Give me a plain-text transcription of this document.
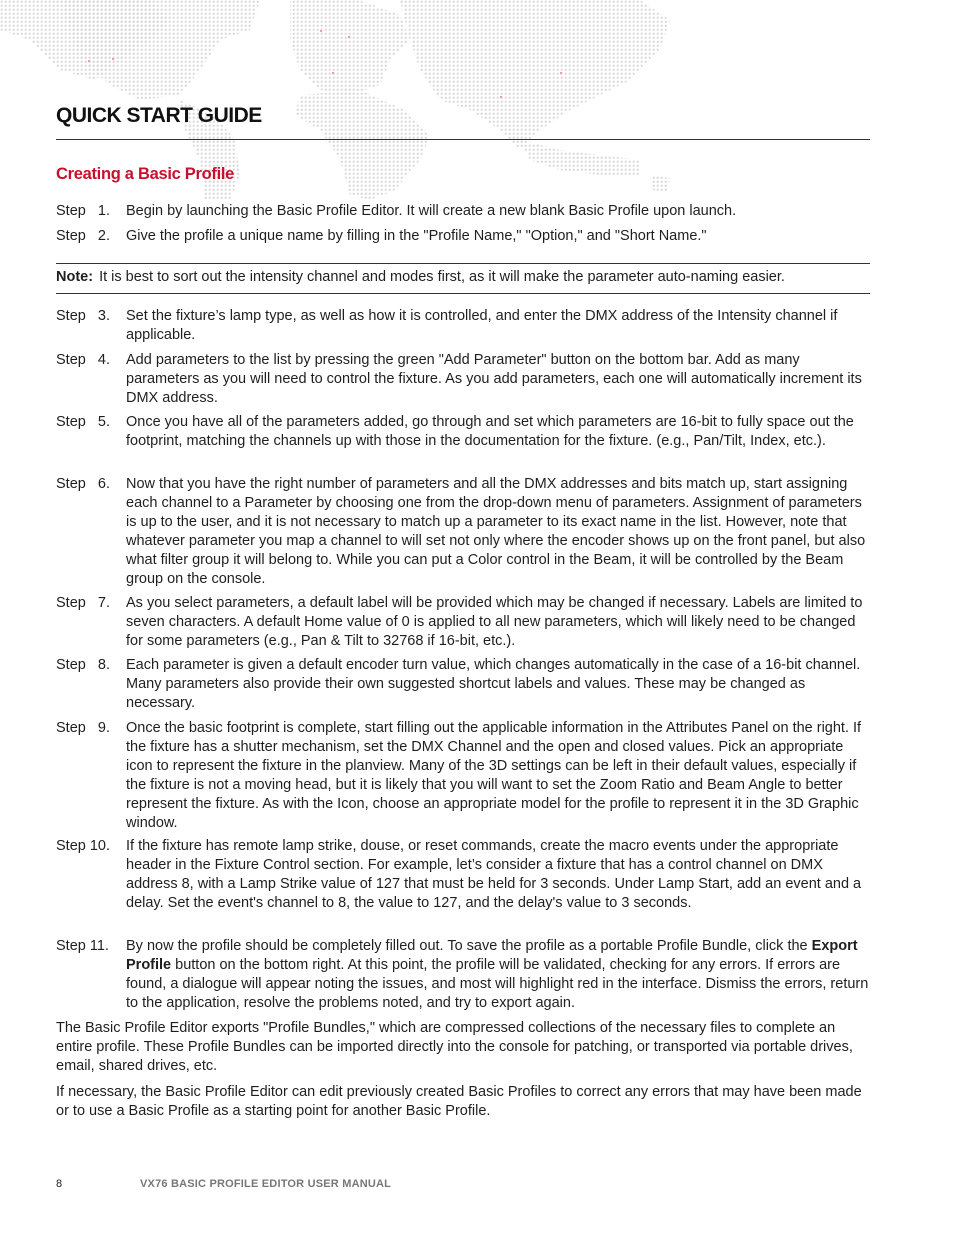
QUICK START GUIDE
Creating a Basic Profile
Step   1.	Begin by launching the Basic Profile Editor. It will create a new blank Basic Profile upon launch.
Step   2.	Give the profile a unique name by filling in the "Profile Name," "Option," and "Short Name."
Note: It is best to sort out the intensity channel and modes first, as it will make the parameter auto-naming easier.
Step   3.	Set the fixture’s lamp type, as well as how it is controlled, and enter the DMX address of the Intensity channel if applicable.
Step   4.	Add parameters to the list by pressing the green "Add Parameter" button on the bottom bar. Add as many parameters as you will need to control the fixture. As you add parameters, each one will automatically increment its DMX address.
Step   5.	Once you have all of the parameters added, go through and set which parameters are 16-bit to fully space out the footprint, matching the channels up with those in the documentation for the fixture. (e.g., Pan/Tilt, Index, etc.).
Step   6.	Now that you have the right number of parameters and all the DMX addresses and bits match up, start assigning each channel to a Parameter by choosing one from the drop-down menu of parameters. Assignment of parameters is up to the user, and it is not necessary to match up a parameter to its exact name in the list. However, note that whatever parameter you map a channel to will set not only where the encoder shows up on the front panel, but also what filter group it will belong to. While you can put a Color control in the Beam, it will be controlled by the Beam group on the console.
Step   7.	As you select parameters, a default label will be provided which may be changed if necessary. Labels are limited to seven characters. A default Home value of 0 is applied to all new parameters, which will likely need to be changed for some parameters (e.g., Pan & Tilt to 32768 if 16-bit, etc.).
Step   8.	Each parameter is given a default encoder turn value, which changes automatically in the case of a 16-bit channel. Many parameters also provide their own suggested shortcut labels and values. These may be changed as necessary.
Step   9.	Once the basic footprint is complete, start filling out the applicable information in the Attributes Panel on the right. If the fixture has a shutter mechanism, set the DMX Channel and the open and closed values. Pick an appropriate icon to represent the fixture in the planview. Many of the 3D settings can be left in their default values, especially if the fixture is not a moving head, but it is likely that you will want to set the Zoom Ratio and Beam Angle to better represent the fixture. As with the Icon, choose an appropriate model for the profile to represent it in the 3D Graphic window.
Step 10.	If the fixture has remote lamp strike, douse, or reset commands, create the macro events under the appropriate header in the Fixture Control section. For example, let’s consider a fixture that has a control channel on DMX address 8, with a Lamp Strike value of 127 that must be held for 3 seconds. Under Lamp Start, add an event and a delay. Set the event's channel to 8, the value to 127, and the delay's value to 3 seconds.
Step 11.	By now the profile should be completely filled out. To save the profile as a portable Profile Bundle, click the Export Profile button on the bottom right. At this point, the profile will be validated, checking for any errors. If errors are found, a dialogue will appear noting the issues, and most will highlight red in the interface. Dismiss the errors, return to the application, resolve the problems noted, and try to export again.
The Basic Profile Editor exports "Profile Bundles," which are compressed collections of the necessary files to complete an entire profile. These Profile Bundles can be imported directly into the console for patching, or transported via portable drives, email, shared drives, etc.
If necessary, the Basic Profile Editor can edit previously created Basic Profiles to correct any errors that may have been made or to use a Basic Profile as a starting point for another Basic Profile.
8	VX76 BASIC PROFILE EDITOR USER MANUAL
